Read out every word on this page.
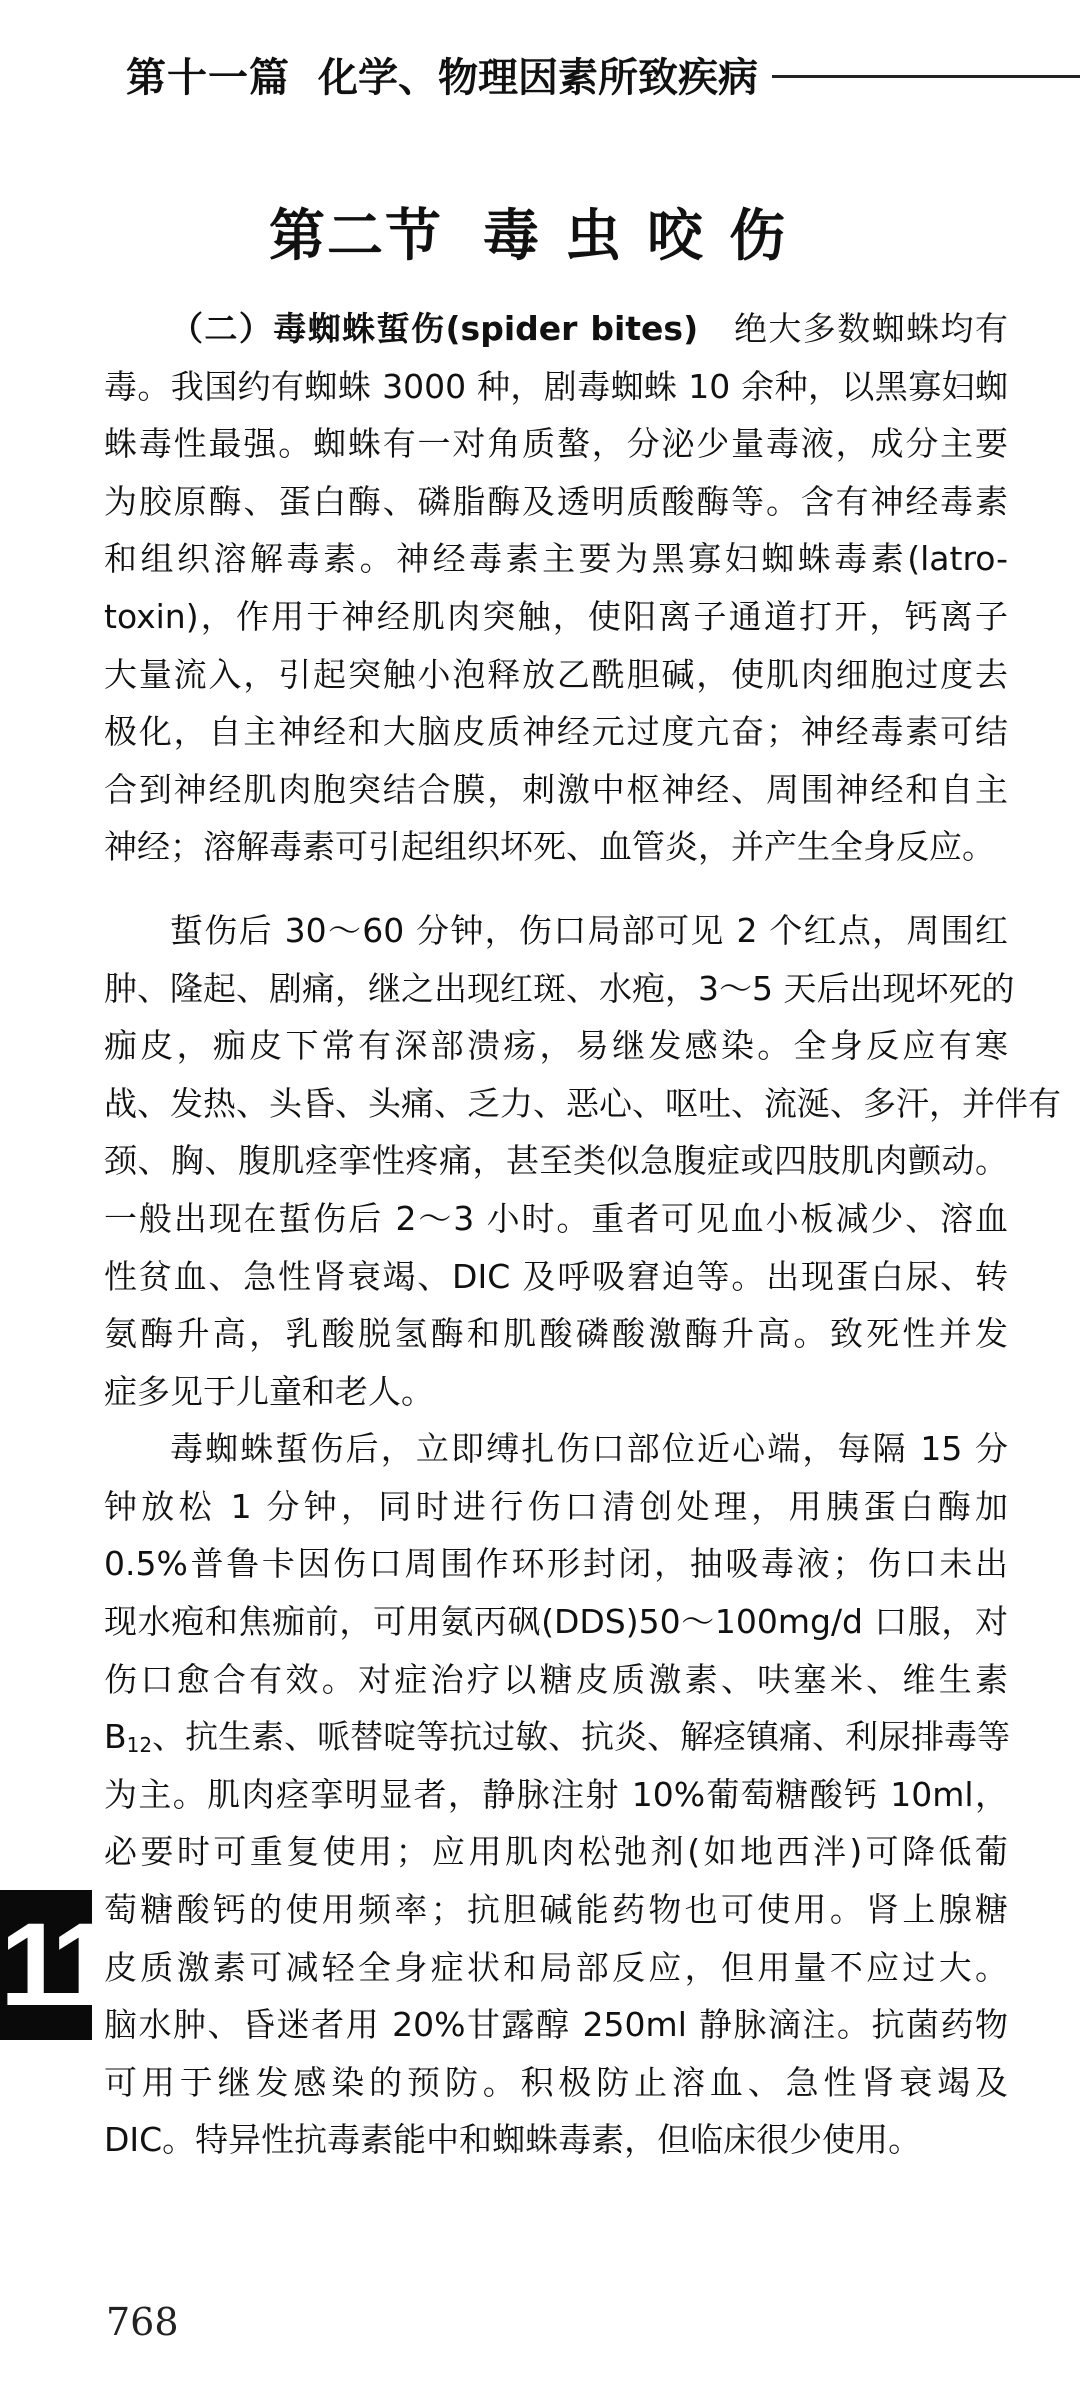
第十一篇 化学、物理因素所致疾病
第二节 毒虫咬伤
（二）毒蜘蛛蜇伤(spider bites) 绝大多数蜘蛛均有
毒。我国约有蜘蛛 3000 种，剧毒蜘蛛 10 余种，以黑寡妇蜘
蛛毒性最强。蜘蛛有一对角质螯，分泌少量毒液，成分主要
为胶原酶、蛋白酶、磷脂酶及透明质酸酶等。含有神经毒素
和组织溶解毒素。神经毒素主要为黑寡妇蜘蛛毒素(latro-
toxin)，作用于神经肌肉突触，使阳离子通道打开，钙离子
大量流入，引起突触小泡释放乙酰胆碱，使肌肉细胞过度去
极化，自主神经和大脑皮质神经元过度亢奋；神经毒素可结
合到神经肌肉胞突结合膜，刺激中枢神经、周围神经和自主
神经；溶解毒素可引起组织坏死、血管炎，并产生全身反应。
蜇伤后 30～60 分钟，伤口局部可见 2 个红点，周围红
肿、隆起、剧痛，继之出现红斑、水疱，3～5 天后出现坏死的
痂皮，痂皮下常有深部溃疡，易继发感染。全身反应有寒
战、发热、头昏、头痛、乏力、恶心、呕吐、流涎、多汗，并伴有
颈、胸、腹肌痉挛性疼痛，甚至类似急腹症或四肢肌肉颤动。
一般出现在蜇伤后 2～3 小时。重者可见血小板减少、溶血
性贫血、急性肾衰竭、DIC 及呼吸窘迫等。出现蛋白尿、转
氨酶升高，乳酸脱氢酶和肌酸磷酸激酶升高。致死性并发
症多见于儿童和老人。
毒蜘蛛蜇伤后，立即缚扎伤口部位近心端，每隔 15 分
钟放松 1 分钟，同时进行伤口清创处理，用胰蛋白酶加
0.5%普鲁卡因伤口周围作环形封闭，抽吸毒液；伤口未出
现水疱和焦痂前，可用氨丙砜(DDS)50～100mg/d 口服，对
伤口愈合有效。对症治疗以糖皮质激素、呋塞米、维生素
$B_{12}$、抗生素、哌替啶等抗过敏、抗炎、解痉镇痛、利尿排毒等
为主。肌肉痉挛明显者，静脉注射 10%葡萄糖酸钙 10ml，
必要时可重复使用；应用肌肉松弛剂(如地西泮)可降低葡
萄糖酸钙的使用频率；抗胆碱能药物也可使用。肾上腺糖
皮质激素可减轻全身症状和局部反应，但用量不应过大。
脑水肿、昏迷者用 20%甘露醇 250ml 静脉滴注。抗菌药物
可用于继发感染的预防。积极防止溶血、急性肾衰竭及
DIC。特异性抗毒素能中和蜘蛛毒素，但临床很少使用。
11
768
